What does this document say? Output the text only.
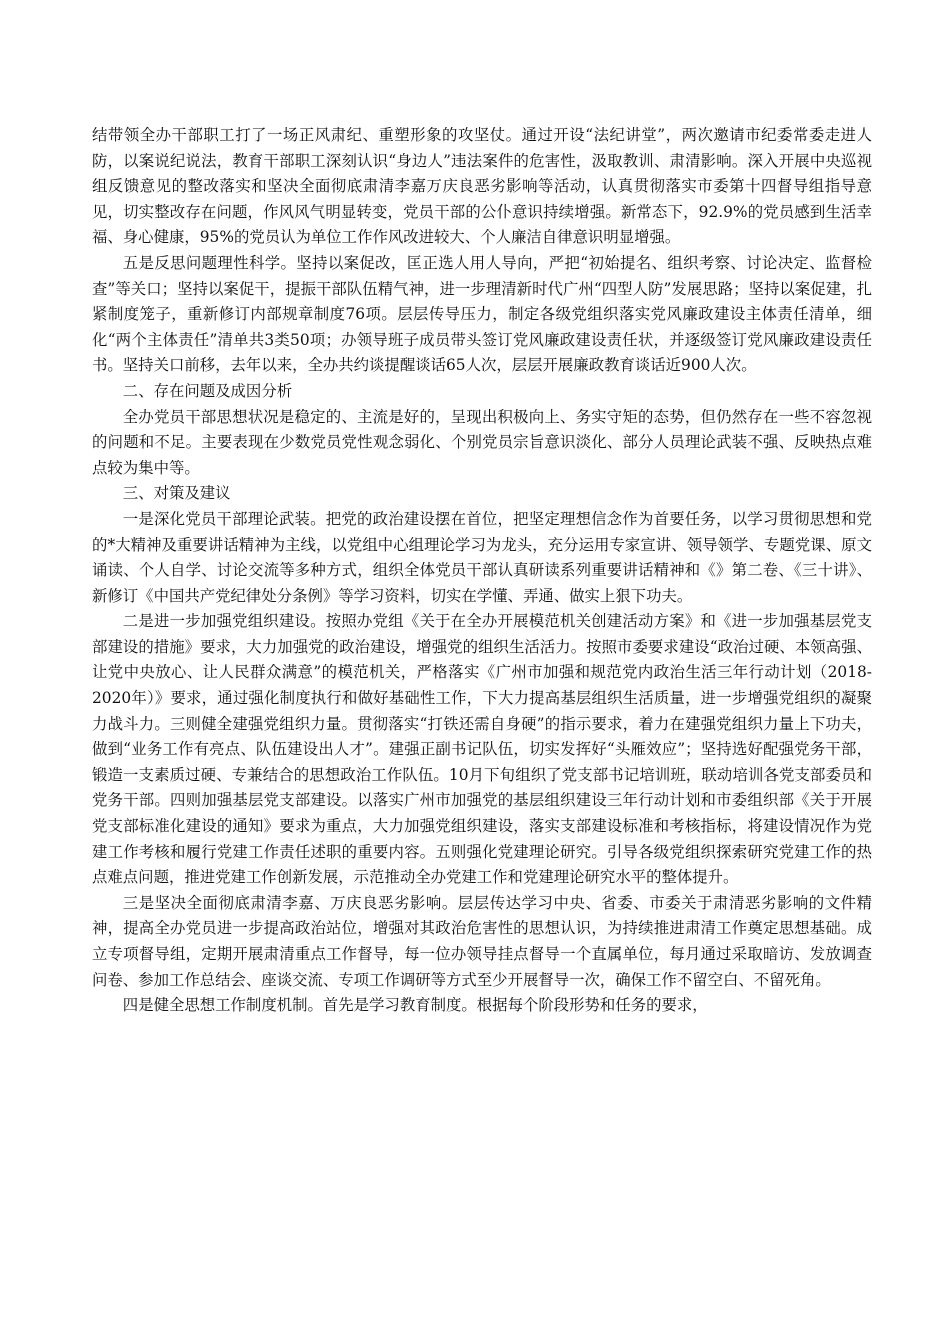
结带领全办干部职工打了一场正风肃纪、重塑形象的攻坚仗。通过开设“法纪讲堂”，两次邀请市纪委常委走进人防，以案说纪说法，教育干部职工深刻认识“身边人”违法案件的危害性，汲取教训、肃清影响。深入开展中央巡视组反馈意见的整改落实和坚决全面彻底肃清李嘉万庆良恶劣影响等活动，认真贯彻落实市委第十四督导组指导意见，切实整改存在问题，作风风气明显转变，党员干部的公仆意识持续增强。新常态下，92.9%的党员感到生活幸福、身心健康，95%的党员认为单位工作作风改进较大、个人廉洁自律意识明显增强。

五是反思问题理性科学。坚持以案促改，匡正选人用人导向，严把“初始提名、组织考察、讨论决定、监督检查”等关口；坚持以案促干，提振干部队伍精气神，进一步理清新时代广州“四型人防”发展思路；坚持以案促建，扎紧制度笼子，重新修订内部规章制度76项。层层传导压力，制定各级党组织落实党风廉政建设主体责任清单，细化“两个主体责任”清单共3类50项；办领导班子成员带头签订党风廉政建设责任状，并逐级签订党风廉政建设责任书。坚持关口前移，去年以来，全办共约谈提醒谈话65人次，层层开展廉政教育谈话近900人次。

二、存在问题及成因分析

全办党员干部思想状况是稳定的、主流是好的，呈现出积极向上、务实守矩的态势，但仍然存在一些不容忽视的问题和不足。主要表现在少数党员党性观念弱化、个别党员宗旨意识淡化、部分人员理论武装不强、反映热点难点较为集中等。

三、对策及建议

一是深化党员干部理论武装。把党的政治建设摆在首位，把坚定理想信念作为首要任务，以学习贯彻思想和党的*大精神及重要讲话精神为主线，以党组中心组理论学习为龙头，充分运用专家宣讲、领导领学、专题党课、原文诵读、个人自学、讨论交流等多种方式，组织全体党员干部认真研读系列重要讲话精神和《》第二卷、《三十讲》、新修订《中国共产党纪律处分条例》等学习资料，切实在学懂、弄通、做实上狠下功夫。

二是进一步加强党组织建设。按照办党组《关于在全办开展模范机关创建活动方案》和《进一步加强基层党支部建设的措施》要求，大力加强党的政治建设，增强党的组织生活活力。按照市委要求建设“政治过硬、本领高强、让党中央放心、让人民群众满意”的模范机关，严格落实《广州市加强和规范党内政治生活三年行动计划（2018-2020年）》要求，通过强化制度执行和做好基础性工作，下大力提高基层组织生活质量，进一步增强党组织的凝聚力战斗力。三则健全建强党组织力量。贯彻落实“打铁还需自身硬”的指示要求，着力在建强党组织力量上下功夫，做到“业务工作有亮点、队伍建设出人才”。建强正副书记队伍，切实发挥好“头雁效应”；坚持选好配强党务干部，锻造一支素质过硬、专兼结合的思想政治工作队伍。10月下旬组织了党支部书记培训班，联动培训各党支部委员和党务干部。四则加强基层党支部建设。以落实广州市加强党的基层组织建设三年行动计划和市委组织部《关于开展党支部标准化建设的通知》要求为重点，大力加强党组织建设，落实支部建设标准和考核指标，将建设情况作为党建工作考核和履行党建工作责任述职的重要内容。五则强化党建理论研究。引导各级党组织探索研究党建工作的热点难点问题，推进党建工作创新发展，示范推动全办党建工作和党建理论研究水平的整体提升。

三是坚决全面彻底肃清李嘉、万庆良恶劣影响。层层传达学习中央、省委、市委关于肃清恶劣影响的文件精神，提高全办党员进一步提高政治站位，增强对其政治危害性的思想认识，为持续推进肃清工作奠定思想基础。成立专项督导组，定期开展肃清重点工作督导，每一位办领导挂点督导一个直属单位，每月通过采取暗访、发放调查问卷、参加工作总结会、座谈交流、专项工作调研等方式至少开展督导一次，确保工作不留空白、不留死角。

四是健全思想工作制度机制。首先是学习教育制度。根据每个阶段形势和任务的要求，
